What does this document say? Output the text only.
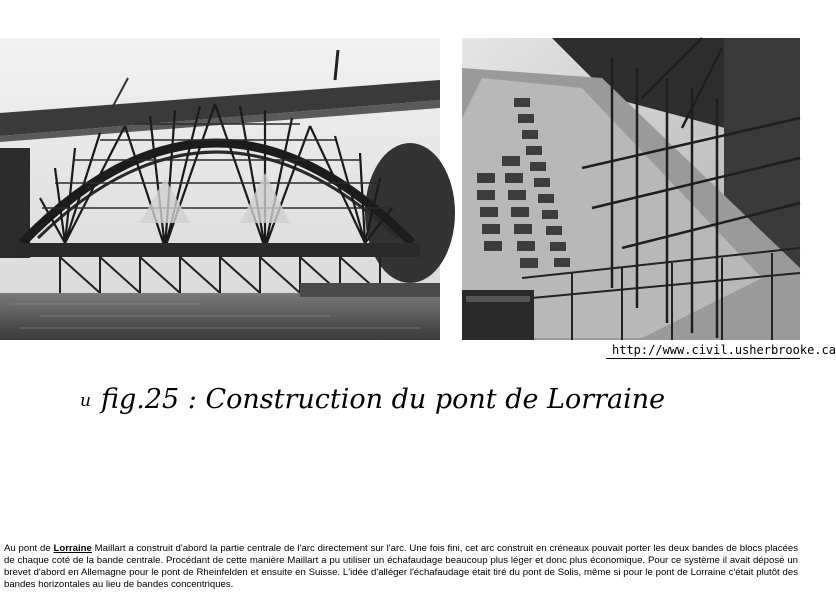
http://www.civil.usherbrooke.ca
u fig.25 : Construction du pont de Lorraine
Au pont de Lorraine Maillart a construit d'abord la partie centrale de l'arc directement sur l'arc. Une fois fini, cet arc construit en créneaux pouvait porter les deux bandes de blocs placées de chaque coté de la bande centrale. Procédant de cette manière Maillart a pu utiliser un échafaudage beaucoup plus léger et donc plus économique. Pour ce système il avait déposé un brevet d'abord en Allemagne pour le pont de Rheinfelden et ensuite en Suisse. L'idée d'alléger l'échafaudage était tiré du pont de Solis, même si pour le pont de Lorraine c'était plutôt des bandes horizontales au lieu de bandes concentriques.
